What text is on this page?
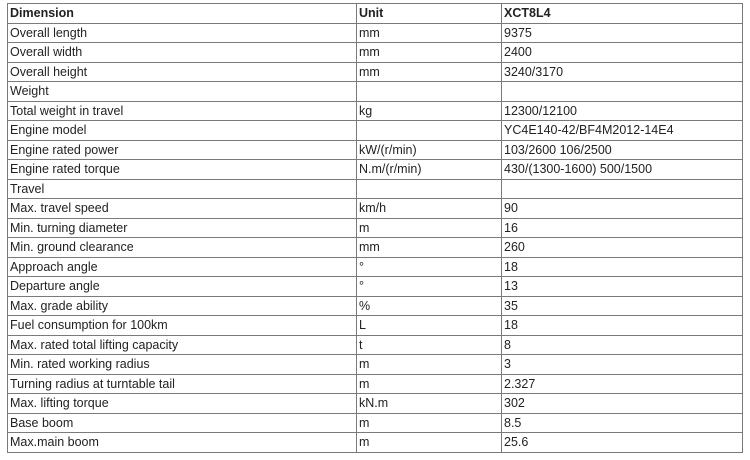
Dimension	Unit	XCT8L4
Overall length	mm	9375
Overall width	mm	2400
Overall height	mm	3240/3170
Weight		
Total weight in travel	kg	12300/12100
Engine model		YC4E140-42/BF4M2012-14E4
Engine rated power	kW/(r/min)	103/2600 106/2500
Engine rated torque	N.m/(r/min)	430/(1300-1600) 500/1500
Travel		
Max. travel speed	km/h	90
Min. turning diameter	m	16
Min. ground clearance	mm	260
Approach angle	°	18
Departure angle	°	13
Max. grade ability	%	35
Fuel consumption for 100km	L	18
Max. rated total lifting capacity	t	8
Min. rated working radius	m	3
Turning radius at turntable tail	m	2.327
Max. lifting torque	kN.m	302
Base boom	m	8.5
Max.main boom	m	25.6
